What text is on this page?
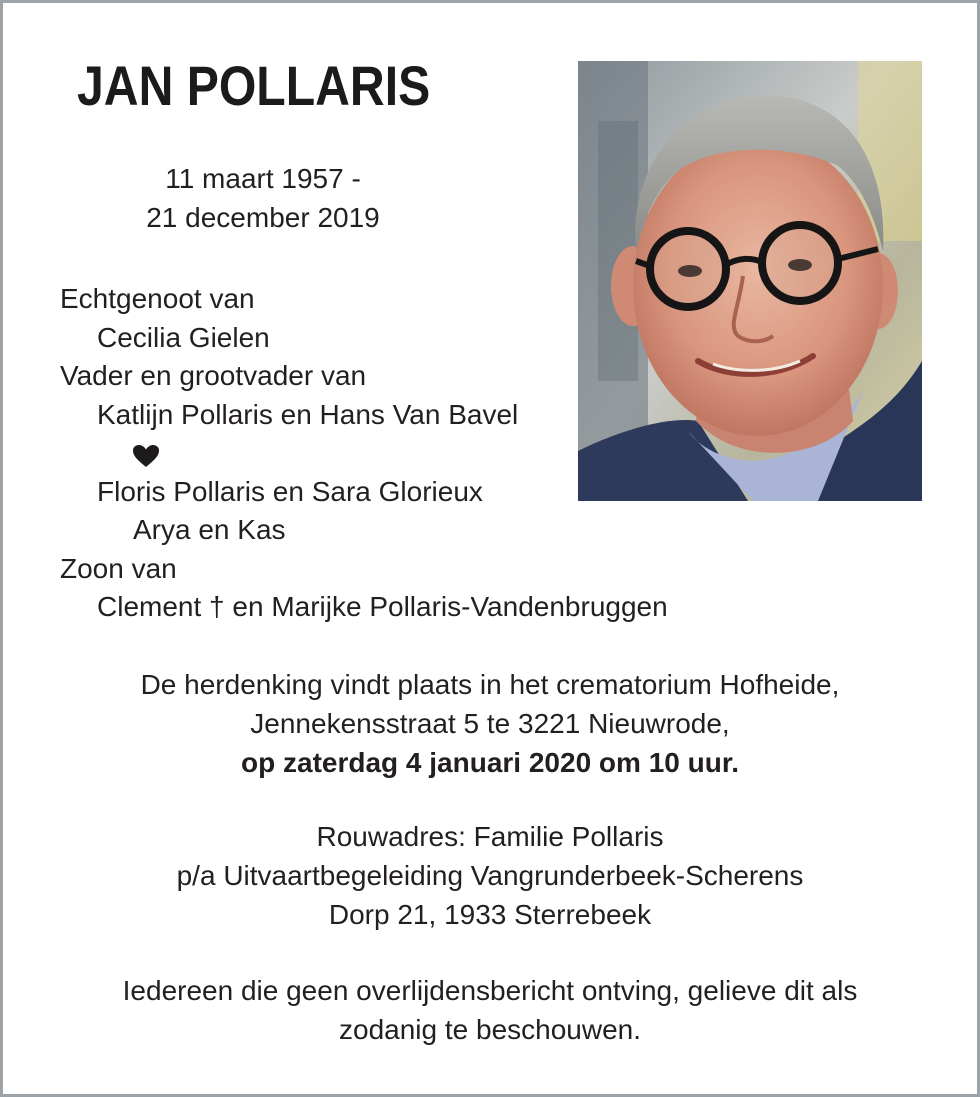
JAN POLLARIS
11 maart 1957 -
21 december 2019
Echtgenoot van
Cecilia Gielen
Vader en grootvader van
Katlijn Pollaris en Hans Van Bavel
Floris Pollaris en Sara Glorieux
Arya en Kas
Zoon van
Clement † en Marijke Pollaris-Vandenbruggen
De herdenking vindt plaats in het crematorium Hofheide,
Jennekensstraat 5 te 3221 Nieuwrode,
op zaterdag 4 januari 2020 om 10 uur.
Rouwadres: Familie Pollaris
p/a Uitvaartbegeleiding Vangrunderbeek-Scherens
Dorp 21, 1933 Sterrebeek
Iedereen die geen overlijdensbericht ontving, gelieve dit als
zodanig te beschouwen.
